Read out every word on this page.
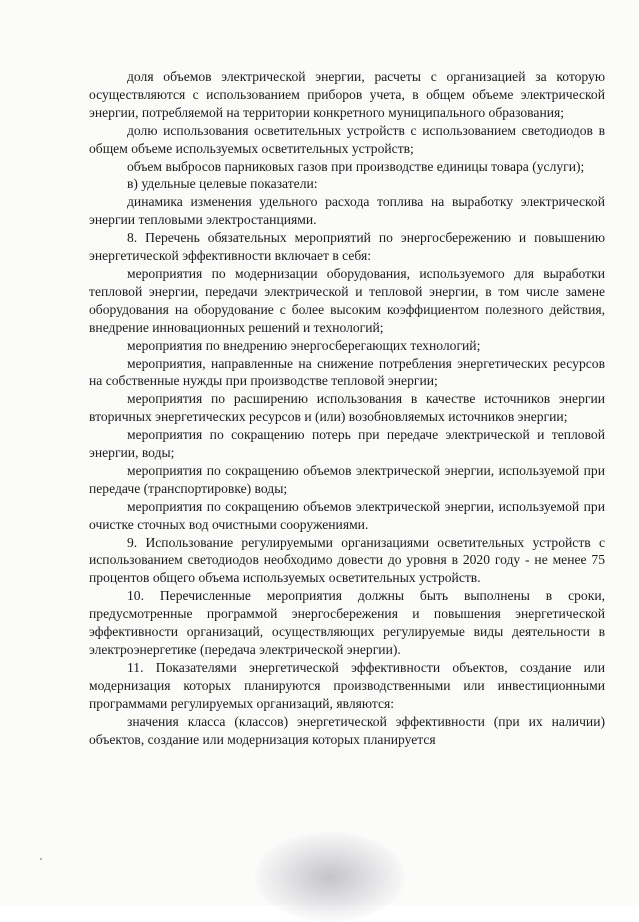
доля объемов электрической энергии, расчеты с организацией за которую осуществляются с использованием приборов учета, в общем объеме электрической энергии, потребляемой на территории конкретного муниципального образования;

долю использования осветительных устройств с использованием светодиодов в общем объеме используемых осветительных устройств;

объем выбросов парниковых газов при производстве единицы товара (услуги);

в) удельные целевые показатели:

динамика изменения удельного расхода топлива на выработку электрической энергии тепловыми электростанциями.

8. Перечень обязательных мероприятий по энергосбережению и повышению энергетической эффективности включает в себя:

мероприятия по модернизации оборудования, используемого для выработки тепловой энергии, передачи электрической и тепловой энергии, в том числе замене оборудования на оборудование с более высоким коэффициентом полезного действия, внедрение инновационных решений и технологий;

мероприятия по внедрению энергосберегающих технологий;

мероприятия, направленные на снижение потребления энергетических ресурсов на собственные нужды при производстве тепловой энергии;

мероприятия по расширению использования в качестве источников энергии вторичных энергетических ресурсов и (или) возобновляемых источников энергии;

мероприятия по сокращению потерь при передаче электрической и тепловой энергии, воды;

мероприятия по сокращению объемов электрической энергии, используемой при передаче (транспортировке) воды;

мероприятия по сокращению объемов электрической энергии, используемой при очистке сточных вод очистными сооружениями.

9. Использование регулируемыми организациями осветительных устройств с использованием светодиодов необходимо довести до уровня в 2020 году - не менее 75 процентов общего объема используемых осветительных устройств.

10. Перечисленные мероприятия должны быть выполнены в сроки, предусмотренные программой энергосбережения и повышения энергетической эффективности организаций, осуществляющих регулируемые виды деятельности в электроэнергетике (передача электрической энергии).

11. Показателями энергетической эффективности объектов, создание или модернизация которых планируются производственными или инвестиционными программами регулируемых организаций, являются:

значения класса (классов) энергетической эффективности (при их наличии) объектов, создание или модернизация которых планируется
